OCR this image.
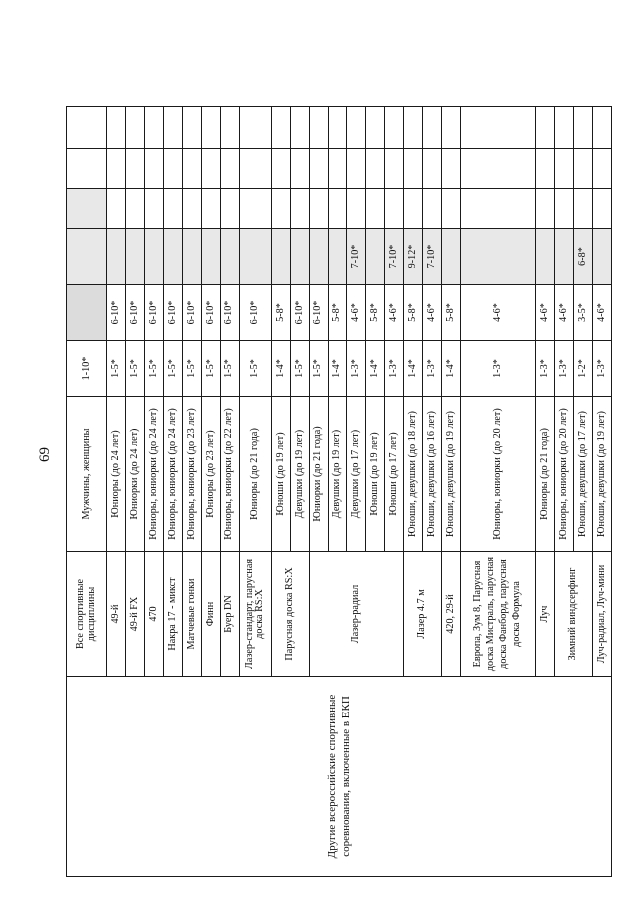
69
Другие всероссийские спортивные соревнования, включенные в ЕКП	Все спортивные дисциплины	Мужчины, женщины	1-10*					
	49-й	Юниоры (до 24 лет)	1-5*	6-10*				
	49-й FX	Юниорки (до 24 лет)	1-5*	6-10*				
	470	Юниоры, юниорки (до 24 лет)	1-5*	6-10*				
	Накра 17 - микст	Юниоры, юниорки (до 24 лет)	1-5*	6-10*				
	Матчевые гонки	Юниоры, юниорки (до 23 лет)	1-5*	6-10*				
	Финн	Юниоры (до 23 лет)	1-5*	6-10*				
	Буер DN	Юниоры, юниорки (до 22 лет)	1-5*	6-10*				
	Лазер-стандарт, парусная доска RS:X	Юниоры (до 21 года)	1-5*	6-10*				
	Парусная доска RS:X	Юноши (до 19 лет)	1-4*	5-8*				
		Девушки (до 19 лет)	1-5*	6-10*				
	Лазер-радиал	Юниорки (до 21 года)	1-5*	6-10*				
		Девушки (до 19 лет)	1-4*	5-8*				
		Девушки (до 17 лет)	1-3*	4-6*	7-10*			
		Юноши (до 19 лет)	1-4*	5-8*				
		Юноши (до 17 лет)	1-3*	4-6*	7-10*			
	Лазер 4.7 м	Юноши, девушки (до 18 лет)	1-4*	5-8*	9-12*			
		Юноши, девушки (до 16 лет)	1-3*	4-6*	7-10*			
	420, 29-й	Юноши, девушки (до 19 лет)	1-4*	5-8*				
	Европа, Зум 8, Парусная доска Мистраль, парусная доска Фанборд, парусная доска Формула	Юниоры, юниорки (до 20 лет)	1-3*	4-6*				
	Луч	Юниоры (до 21 года)	1-3*	4-6*				
	Зимний виндсерфинг	Юниоры, юниорки (до 20 лет)	1-3*	4-6*				
		Юноши, девушки (до 17 лет)	1-2*	3-5*	6-8*			
	Луч-радиал, Луч-мини	Юноши, девушки (до 19 лет)	1-3*	4-6*				
